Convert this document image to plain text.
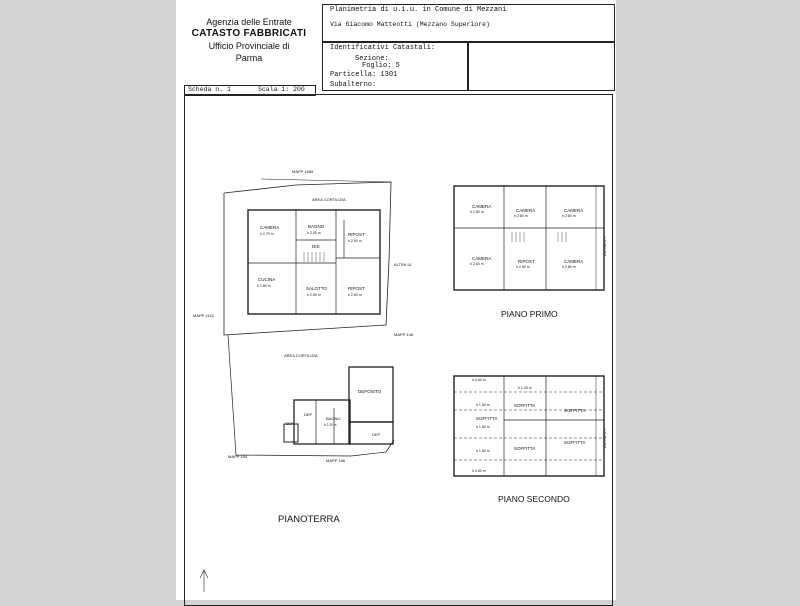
Agenzia delle Entrate
CATASTO FABBRICATI
Ufficio Provinciale di
Parma
Planimetria di u.i.u. in Comune di Mezzani
Via Giacomo Matteotti (Mezzano Superiore)
Identificativi Catastali:
Sezione:
Foglio: 5
Particella: 1301
Subalterno:
Scheda n. 1	Scala 1: 200
MAPP 1569
AREA CORTILIZIA
ALTRA UI
MAPP 1141
MAPP 146
AREA CORTILIZIA
MAPP 154
MAPP 156
CAMERA
h 2.70 m
BAGNO
h 2.50 m
DIS
RIPOST
h 2.50 m
CUCINA
h 2.80 m	SALOTTO
h 2.50 m
RIPOST
h 2.50 m
DEPOSITO
DEP
BAGNO
h 2.20 m
DEP
DEP
PIANOTERRA
CAMERA
h 2.80 m	CAMERA
h 2.80 m
CAMERA
h 2.80 m
CAMERA
h 2.80 m	RIPOST
h 2.50 m
CAMERA
h 2.80 m
ALTRA U.I.
PIANO PRIMO
SOFFITTA
SOFFITTA
SOFFITTA
SOFFITTA
SOFFITTA
h 0.60 m
h 1.30 m
h 1.50 m
h 1.50 m
h 1.50 m
h 0.60 m
ALTRA U.I.
PIANO SECONDO
